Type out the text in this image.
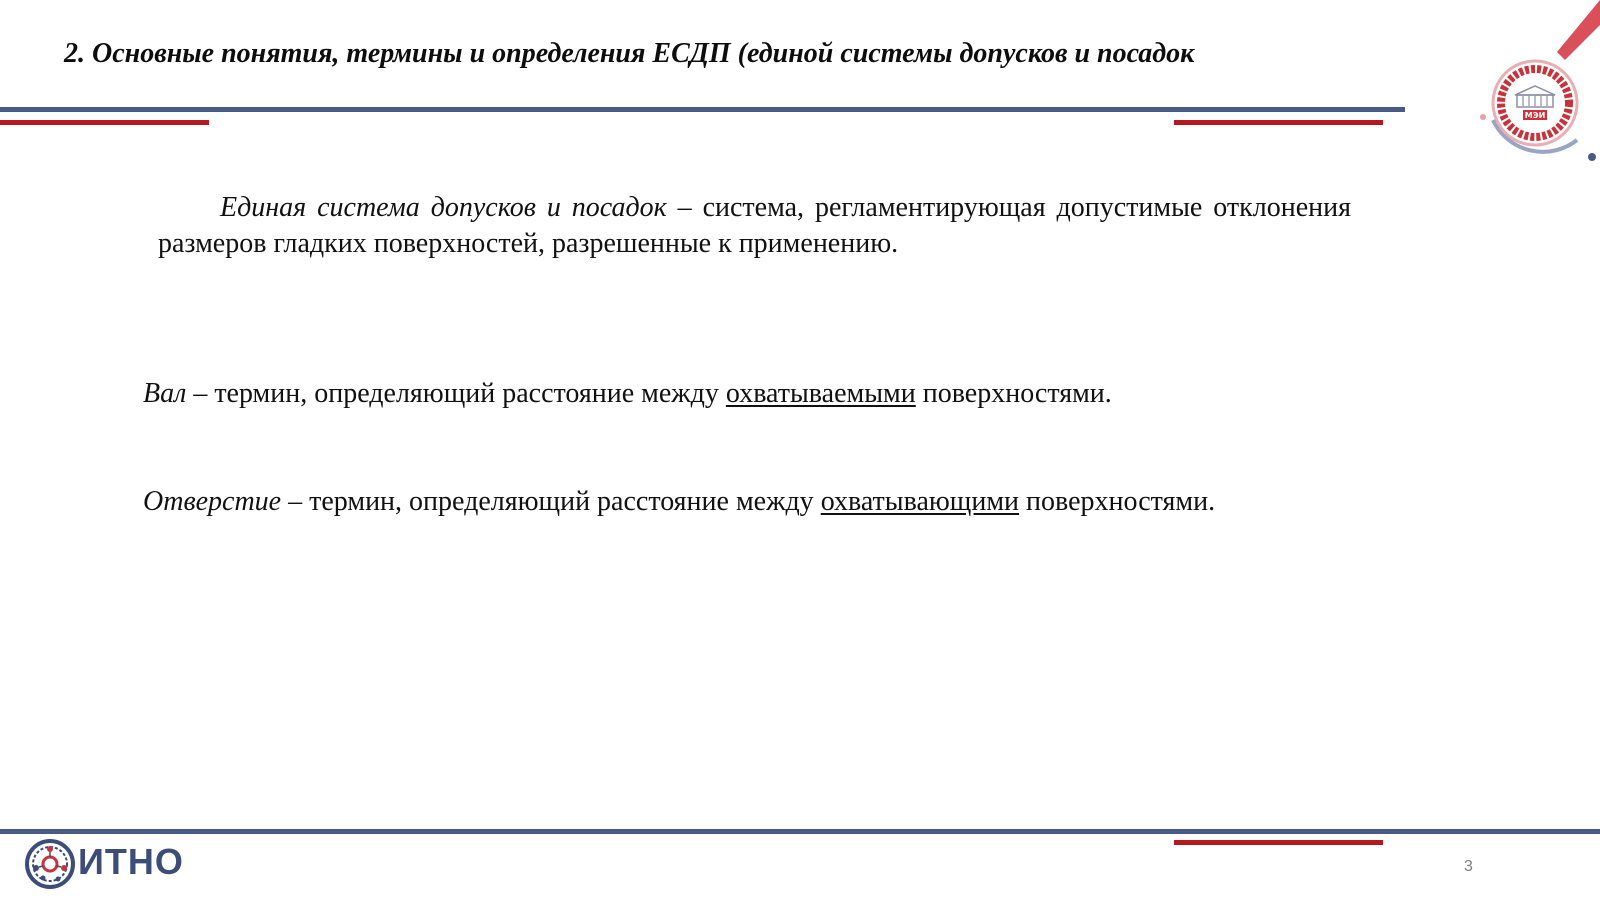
2. Основные понятия, термины и определения ЕСДП (единой системы допусков и посадок
МЭИ
Единая система допусков и посадок – система, регламентирующая допустимые отклонения размеров гладких поверхностей, разрешенные к применению.
Вал – термин, определяющий расстояние между охватываемыми поверхностями.
Отверстие – термин, определяющий расстояние между охватывающими поверхностями.
ИТНО	3
